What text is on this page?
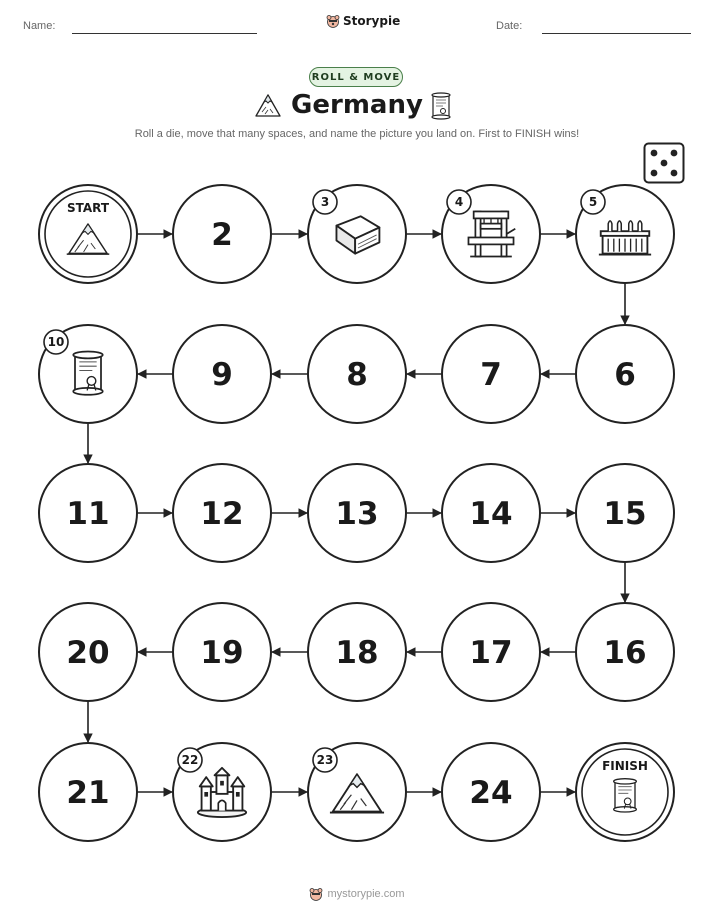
Name:	Storypie	Date:
ROLL & MOVE
Germany
Roll a die, move that many spaces, and name the picture you land on. First to FINISH wins!
START
2
3	4	5
6
7
8
9
10
11	12	13	14	15
16
17
18
19
20
21
22	23
24
FINISH
mystorypie.com
